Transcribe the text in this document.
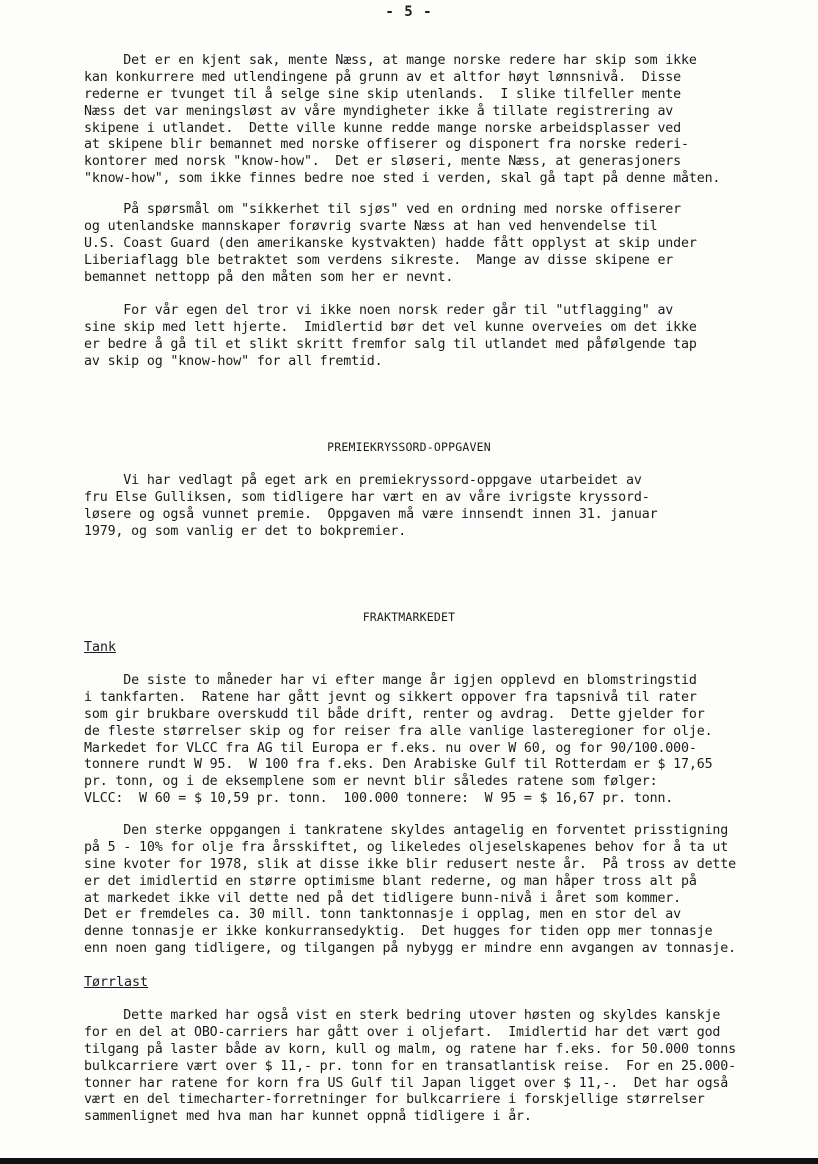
- 5 -
Det er en kjent sak, mente Næss, at mange norske redere har skip som ikke
kan konkurrere med utlendingene på grunn av et altfor høyt lønnsnivå.  Disse
rederne er tvunget til å selge sine skip utenlands.  I slike tilfeller mente
Næss det var meningsløst av våre myndigheter ikke å tillate registrering av
skipene i utlandet.  Dette ville kunne redde mange norske arbeidsplasser ved
at skipene blir bemannet med norske offiserer og disponert fra norske rederi-
kontorer med norsk "know-how".  Det er sløseri, mente Næss, at generasjoners
"know-how", som ikke finnes bedre noe sted i verden, skal gå tapt på denne måten.
På spørsmål om "sikkerhet til sjøs" ved en ordning med norske offiserer
og utenlandske mannskaper forøvrig svarte Næss at han ved henvendelse til
U.S. Coast Guard (den amerikanske kystvakten) hadde fått opplyst at skip under
Liberiaflagg ble betraktet som verdens sikreste.  Mange av disse skipene er
bemannet nettopp på den måten som her er nevnt.
For vår egen del tror vi ikke noen norsk reder går til "utflagging" av
sine skip med lett hjerte.  Imidlertid bør det vel kunne overveies om det ikke
er bedre å gå til et slikt skritt fremfor salg til utlandet med påfølgende tap
av skip og "know-how" for all fremtid.
PREMIEKRYSSORD-OPPGAVEN
Vi har vedlagt på eget ark en premiekryssord-oppgave utarbeidet av
fru Else Gulliksen, som tidligere har vært en av våre ivrigste kryssord-
løsere og også vunnet premie.  Oppgaven må være innsendt innen 31. januar
1979, og som vanlig er det to bokpremier.
FRAKTMARKEDET
Tank
De siste to måneder har vi efter mange år igjen opplevd en blomstringstid
i tankfarten.  Ratene har gått jevnt og sikkert oppover fra tapsnivå til rater
som gir brukbare overskudd til både drift, renter og avdrag.  Dette gjelder for
de fleste størrelser skip og for reiser fra alle vanlige lasteregioner for olje.
Markedet for VLCC fra AG til Europa er f.eks. nu over W 60, og for 90/100.000-
tonnere rundt W 95.  W 100 fra f.eks. Den Arabiske Gulf til Rotterdam er $ 17,65
pr. tonn, og i de eksemplene som er nevnt blir således ratene som følger:
VLCC:  W 60 = $ 10,59 pr. tonn.  100.000 tonnere:  W 95 = $ 16,67 pr. tonn.
Den sterke oppgangen i tankratene skyldes antagelig en forventet prisstigning
på 5 - 10% for olje fra årsskiftet, og likeledes oljeselskapenes behov for å ta ut
sine kvoter for 1978, slik at disse ikke blir redusert neste år.  På tross av dette
er det imidlertid en større optimisme blant rederne, og man håper tross alt på
at markedet ikke vil dette ned på det tidligere bunn-nivå i året som kommer.
Det er fremdeles ca. 30 mill. tonn tanktonnasje i opplag, men en stor del av
denne tonnasje er ikke konkurransedyktig.  Det hugges for tiden opp mer tonnasje
enn noen gang tidligere, og tilgangen på nybygg er mindre enn avgangen av tonnasje.
Tørrlast
Dette marked har også vist en sterk bedring utover høsten og skyldes kanskje
for en del at OBO-carriers har gått over i oljefart.  Imidlertid har det vært god
tilgang på laster både av korn, kull og malm, og ratene har f.eks. for 50.000 tonns
bulkcarriere vært over $ 11,- pr. tonn for en transatlantisk reise.  For en 25.000-
tonner har ratene for korn fra US Gulf til Japan ligget over $ 11,-.  Det har også
vært en del timecharter-forretninger for bulkcarriere i forskjellige størrelser
sammenlignet med hva man har kunnet oppnå tidligere i år.
